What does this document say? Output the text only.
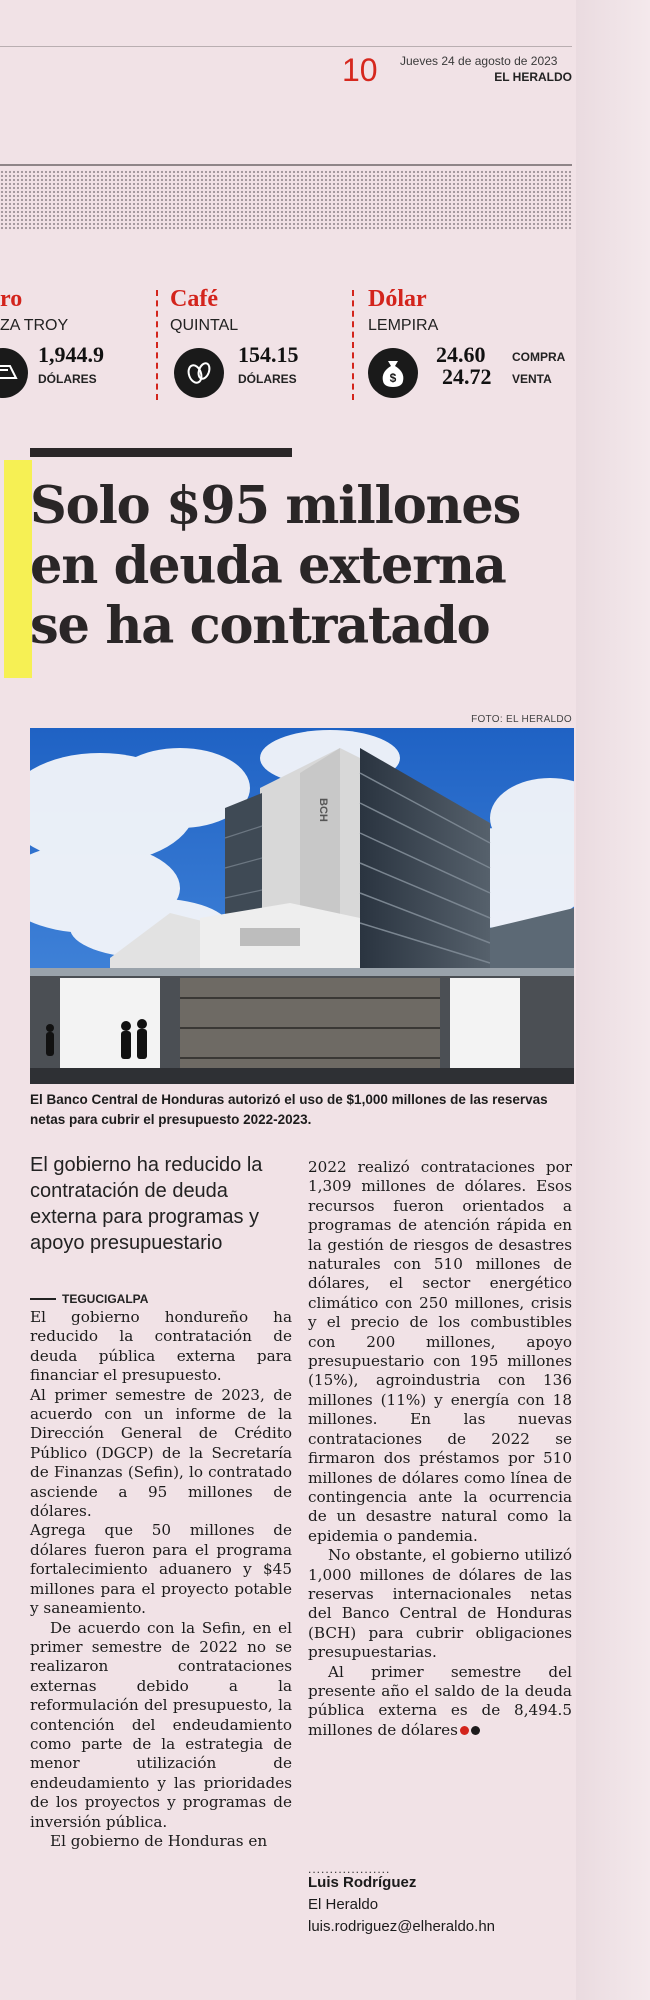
10 Jueves 24 de agosto de 2023
EL HERALDO
ro
ZA TROY
1,944.9
DÓLARES
Café
QUINTAL
154.15
DÓLARES
Dólar
LEMPIRA
$
24.60 COMPRA
24.72 VENTA
Solo $95 millones en deuda externa se ha contratado
FOTO: EL HERALDO
BCH
El Banco Central de Honduras autorizó el uso de $1,000 millones de las reservas netas para cubrir el presupuesto 2022-2023.
El gobierno ha reducido la contratación de deuda externa para programas y apoyo presupuestario
TEGUCIGALPA

El gobierno hondureño ha reducido la contratación de deuda pública externa para financiar el presupuesto.

Al primer semestre de 2023, de acuerdo con un informe de la Dirección General de Crédito Público (DGCP) de la Secretaría de Finanzas (Sefin), lo contratado asciende a 95 millones de dólares.

Agrega que 50 millones de dólares fueron para el programa fortalecimiento aduanero y $45 millones para el proyecto potable y saneamiento.

De acuerdo con la Sefin, en el primer semestre de 2022 no se realizaron contrataciones externas debido a la reformulación del presupuesto, la contención del endeudamiento como parte de la estrategia de menor utilización de endeudamiento y las prioridades de los proyectos y programas de inversión pública.

El gobierno de Honduras en

2022 realizó contrataciones por 1,309 millones de dólares. Esos recursos fueron orientados a programas de atención rápida en la gestión de riesgos de desastres naturales con 510 millones de dólares, el sector energético climático con 250 millones, crisis y el precio de los combustibles con 200 millones, apoyo presupuestario con 195 millones (15%), agroindustria con 136 millones (11%) y energía con 18 millones. En las nuevas contrataciones de 2022 se firmaron dos préstamos por 510 millones de dólares como línea de contingencia ante la ocurrencia de un desastre natural como la epidemia o pandemia.

No obstante, el gobierno utilizó 1,000 millones de dólares de las reservas internacionales netas del Banco Central de Honduras (BCH) para cubrir obligaciones presupuestarias.

Al primer semestre del presente año el saldo de la deuda pública externa es de 8,494.5 millones de dólares

...................
Luis Rodríguez
El Heraldo
luis.rodriguez@elheraldo.hn
